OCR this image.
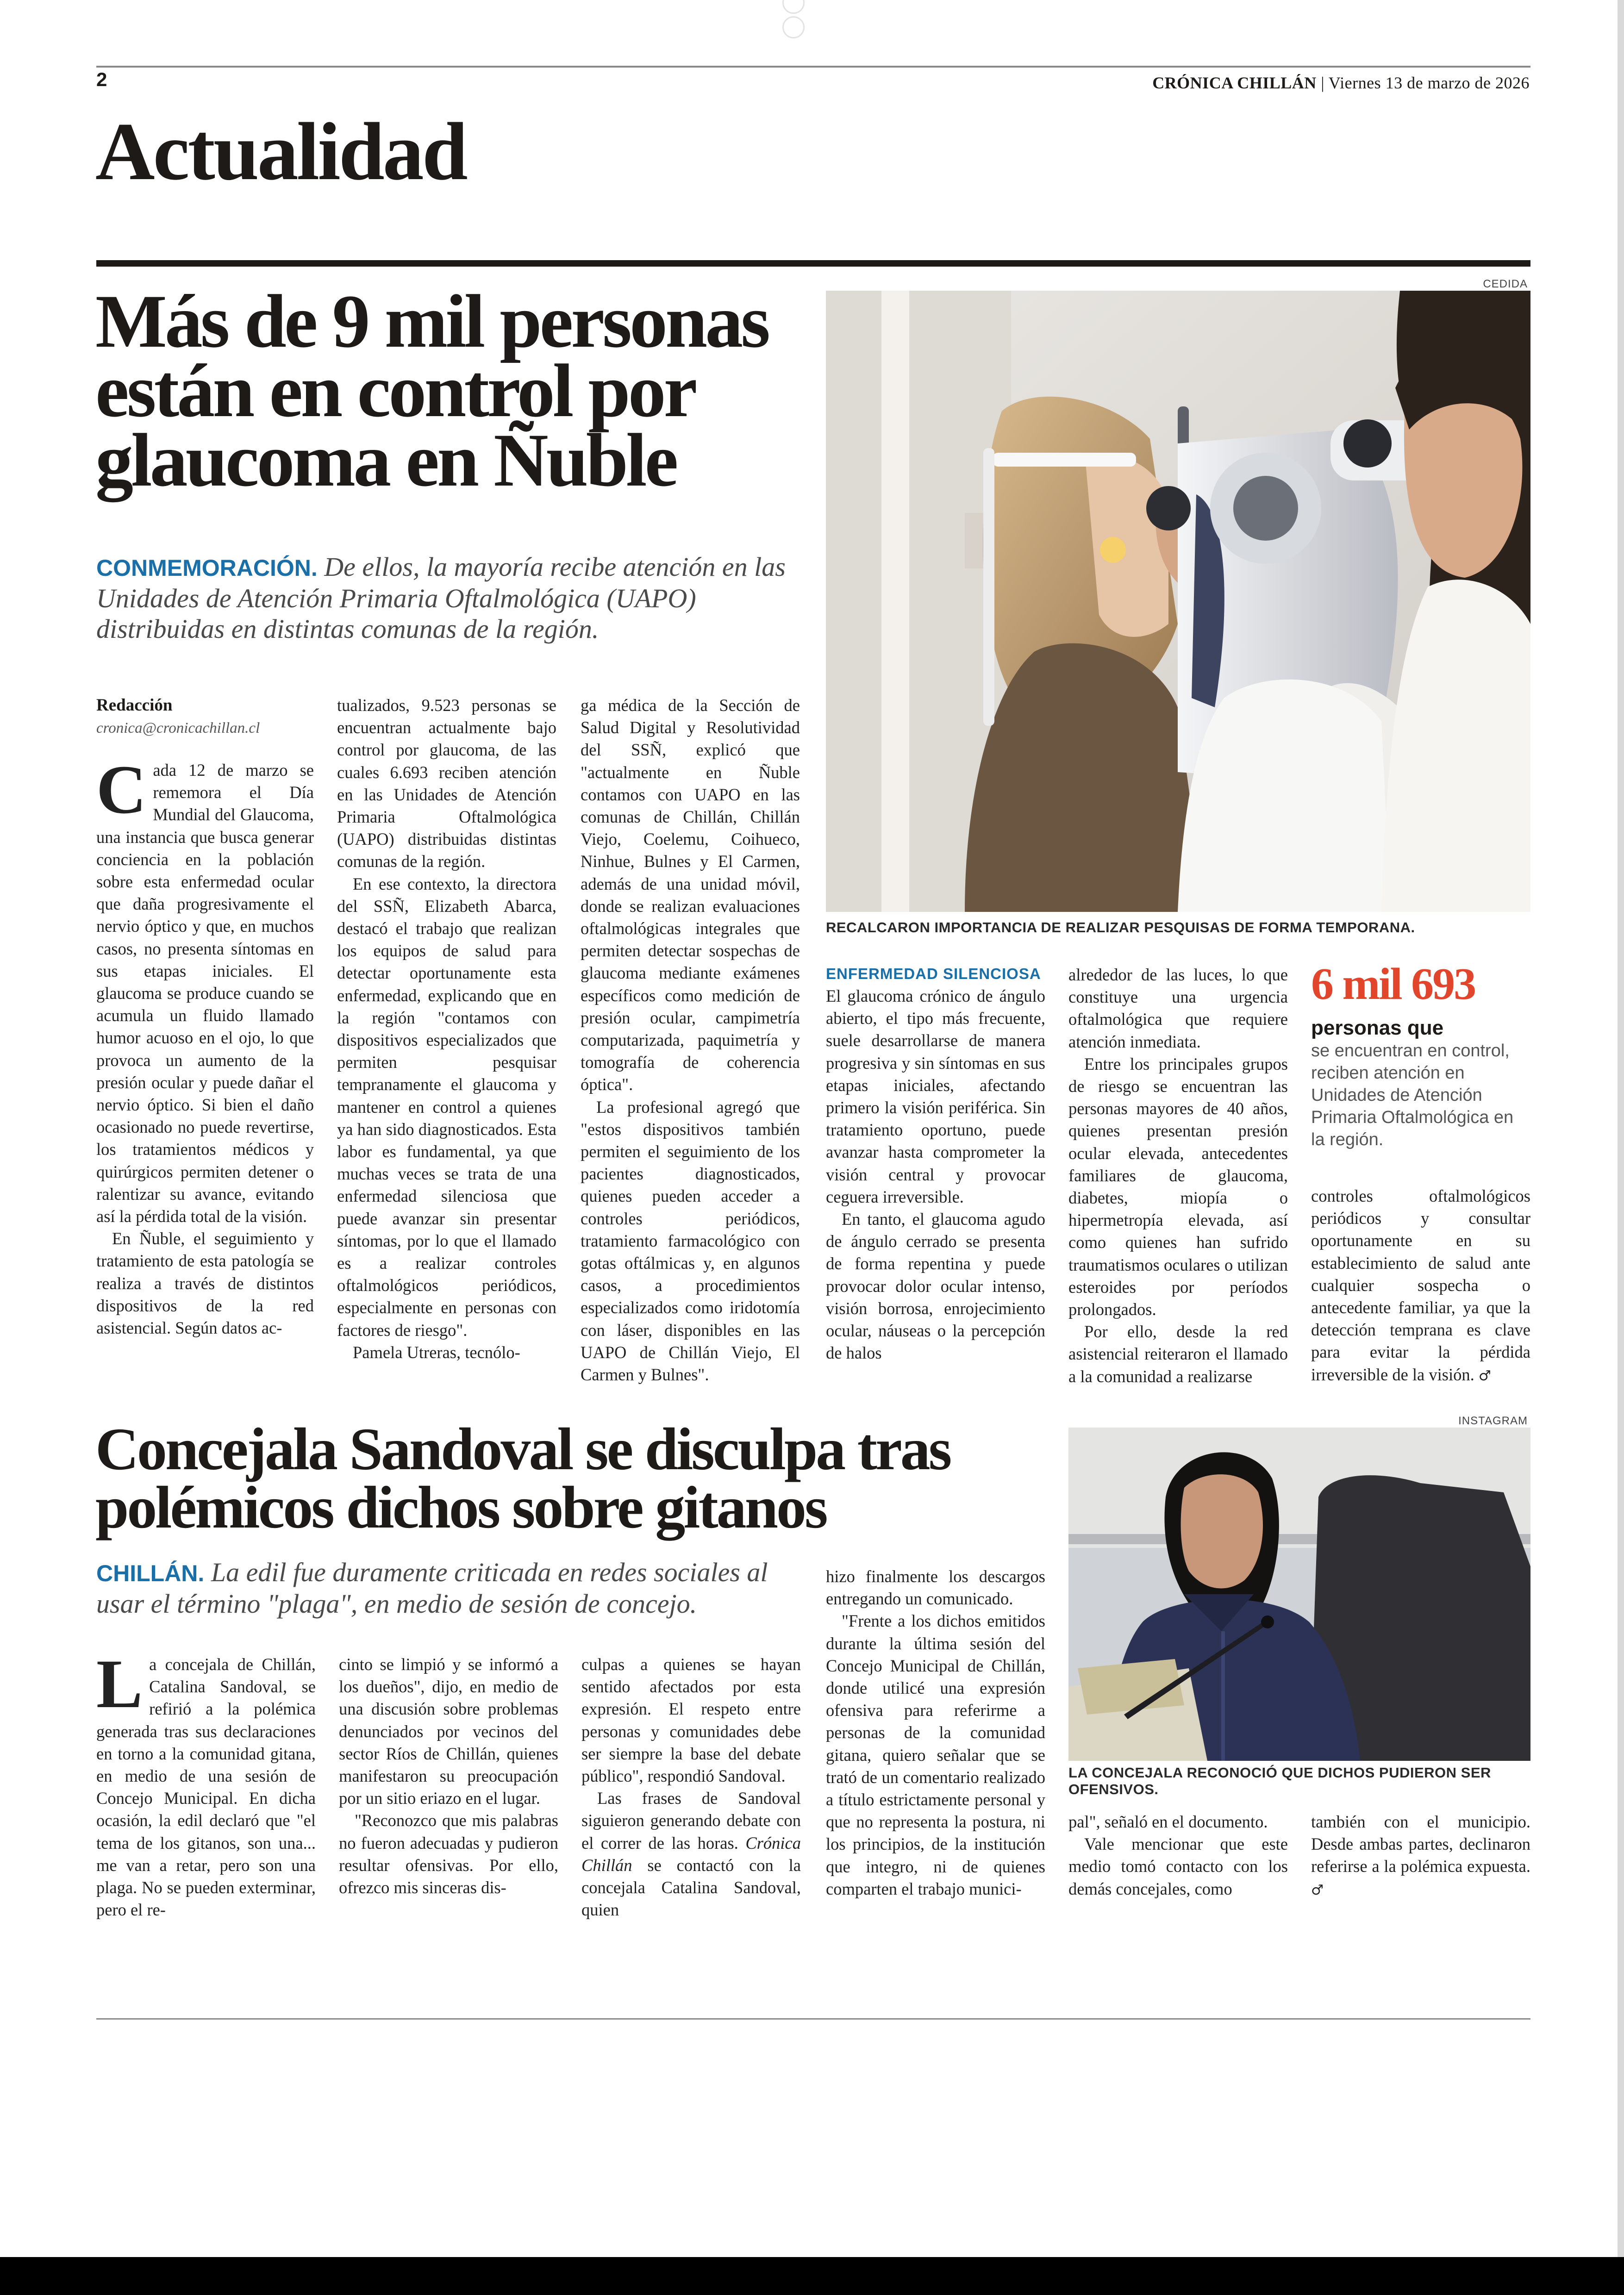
2	CRÓNICA CHILLÁN | Viernes 13 de marzo de 2026
Actualidad
Más de 9 mil personas están en control por glaucoma en Ñuble
CONMEMORACIÓN. De ellos, la mayoría recibe atención en las Unidades de Atención Primaria Oftalmológica (UAPO) distribuidas en distintas comunas de la región.
Redacción
cronica@cronicachillan.cl

Cada 12 de marzo se rememora el Día Mundial del Glaucoma, una instancia que busca generar conciencia en la población sobre esta enfermedad ocular que daña progresivamente el nervio óptico y que, en muchos casos, no presenta síntomas en sus etapas iniciales. El glaucoma se produce cuando se acumula un fluido llamado humor acuoso en el ojo, lo que provoca un aumento de la presión ocular y puede dañar el nervio óptico. Si bien el daño ocasionado no puede revertirse, los tratamientos médicos y quirúrgicos permiten detener o ralentizar su avance, evitando así la pérdida total de la visión.

En Ñuble, el seguimiento y tratamiento de esta patología se realiza a través de distintos dispositivos de la red asistencial. Según datos ac-

tualizados, 9.523 personas se encuentran actualmente bajo control por glaucoma, de las cuales 6.693 reciben atención en las Unidades de Atención Primaria Oftalmológica (UAPO) distribuidas distintas comunas de la región.

En ese contexto, la directora del SSÑ, Elizabeth Abarca, destacó el trabajo que realizan los equipos de salud para detectar oportunamente esta enfermedad, explicando que en la región "contamos con dispositivos especializados que permiten pesquisar tempranamente el glaucoma y mantener en control a quienes ya han sido diagnosticados. Esta labor es fundamental, ya que muchas veces se trata de una enfermedad silenciosa que puede avanzar sin presentar síntomas, por lo que el llamado es a realizar controles oftalmológicos periódicos, especialmente en personas con factores de riesgo".

Pamela Utreras, tecnólo-

ga médica de la Sección de Salud Digital y Resolutividad del SSÑ, explicó que "actualmente en Ñuble contamos con UAPO en las comunas de Chillán, Chillán Viejo, Coelemu, Coihueco, Ninhue, Bulnes y El Carmen, además de una unidad móvil, donde se realizan evaluaciones oftalmológicas integrales que permiten detectar sospechas de glaucoma mediante exámenes específicos como medición de presión ocular, campimetría computarizada, paquimetría y tomografía de coherencia óptica".

La profesional agregó que "estos dispositivos también permiten el seguimiento de los pacientes diagnosticados, quienes pueden acceder a controles periódicos, tratamiento farmacológico con gotas oftálmicas y, en algunos casos, a procedimientos especializados como iridotomía con láser, disponibles en las UAPO de Chillán Viejo, El Carmen y Bulnes".

CEDIDA
RECALCARON IMPORTANCIA DE REALIZAR PESQUISAS DE FORMA TEMPORANA.
ENFERMEDAD SILENCIOSA

El glaucoma crónico de ángulo abierto, el tipo más frecuente, suele desarrollarse de manera progresiva y sin síntomas en sus etapas iniciales, afectando primero la visión periférica. Sin tratamiento oportuno, puede avanzar hasta comprometer la visión central y provocar ceguera irreversible.

En tanto, el glaucoma agudo de ángulo cerrado se presenta de forma repentina y puede provocar dolor ocular intenso, visión borrosa, enrojecimiento ocular, náuseas o la percepción de halos

alrededor de las luces, lo que constituye una urgencia oftalmológica que requiere atención inmediata.

Entre los principales grupos de riesgo se encuentran las personas mayores de 40 años, quienes presentan presión ocular elevada, antecedentes familiares de glaucoma, diabetes, miopía o hipermetropía elevada, así como quienes han sufrido traumatismos oculares o utilizan esteroides por períodos prolongados.

Por ello, desde la red asistencial reiteraron el llamado a la comunidad a realizarse

6 mil 693
personas que
se encuentran en control, reciben atención en Unidades de Atención Primaria Oftalmológica en la región.

controles oftalmológicos periódicos y consultar oportunamente en su establecimiento de salud ante cualquier sospecha o antecedente familiar, ya que la detección temprana es clave para evitar la pérdida irreversible de la visión. ♂

Concejala Sandoval se disculpa tras polémicos dichos sobre gitanos
CHILLÁN. La edil fue duramente criticada en redes sociales al usar el término "plaga", en medio de sesión de concejo.

La concejala de Chillán, Catalina Sandoval, se refirió a la polémica generada tras sus declaraciones en torno a la comunidad gitana, en medio de una sesión de Concejo Municipal. En dicha ocasión, la edil declaró que "el tema de los gitanos, son una... me van a retar, pero son una plaga. No se pueden exterminar, pero el re-

cinto se limpió y se informó a los dueños", dijo, en medio de una discusión sobre problemas denunciados por vecinos del sector Ríos de Chillán, quienes manifestaron su preocupación por un sitio eriazo en el lugar.

"Reconozco que mis palabras no fueron adecuadas y pudieron resultar ofensivas. Por ello, ofrezco mis sinceras dis-

culpas a quienes se hayan sentido afectados por esta expresión. El respeto entre personas y comunidades debe ser siempre la base del debate público", respondió Sandoval.

Las frases de Sandoval siguieron generando debate con el correr de las horas. Crónica Chillán se contactó con la concejala Catalina Sandoval, quien

hizo finalmente los descargos entregando un comunicado.

"Frente a los dichos emitidos durante la última sesión del Concejo Municipal de Chillán, donde utilicé una expresión ofensiva para referirme a personas de la comunidad gitana, quiero señalar que se trató de un comentario realizado a título estrictamente personal y que no representa la postura, ni los principios, de la institución que integro, ni de quienes comparten el trabajo munici-

INSTAGRAM
LA CONCEJALA RECONOCIÓ QUE DICHOS PUDIERON SER OFENSIVOS.

pal", señaló en el documento.

Vale mencionar que este medio tomó contacto con los demás concejales, como

también con el municipio. Desde ambas partes, declinaron referirse a la polémica expuesta. ♂
